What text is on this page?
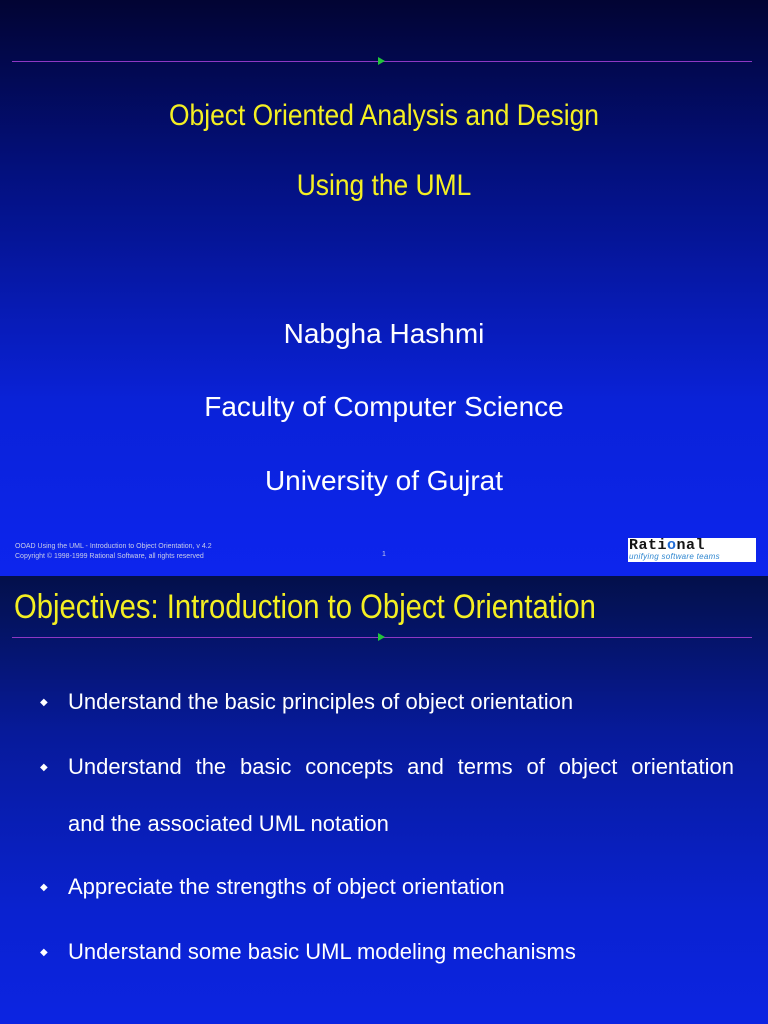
Object Oriented Analysis and Design
Using the UML
Nabgha Hashmi
Faculty of Computer Science
University of Gujrat
OOAD Using the UML - Introduction to Object Orientation, v 4.2
Copyright © 1998-1999 Rational Software, all rights reserved	1
Rational
unifying software teams
Objectives: Introduction to Object Orientation
◆ Understand the basic principles of object orientation
◆ Understand the basic concepts and terms of object orientation
and the associated UML notation
◆ Appreciate the strengths of object orientation
◆ Understand some basic UML modeling mechanisms
